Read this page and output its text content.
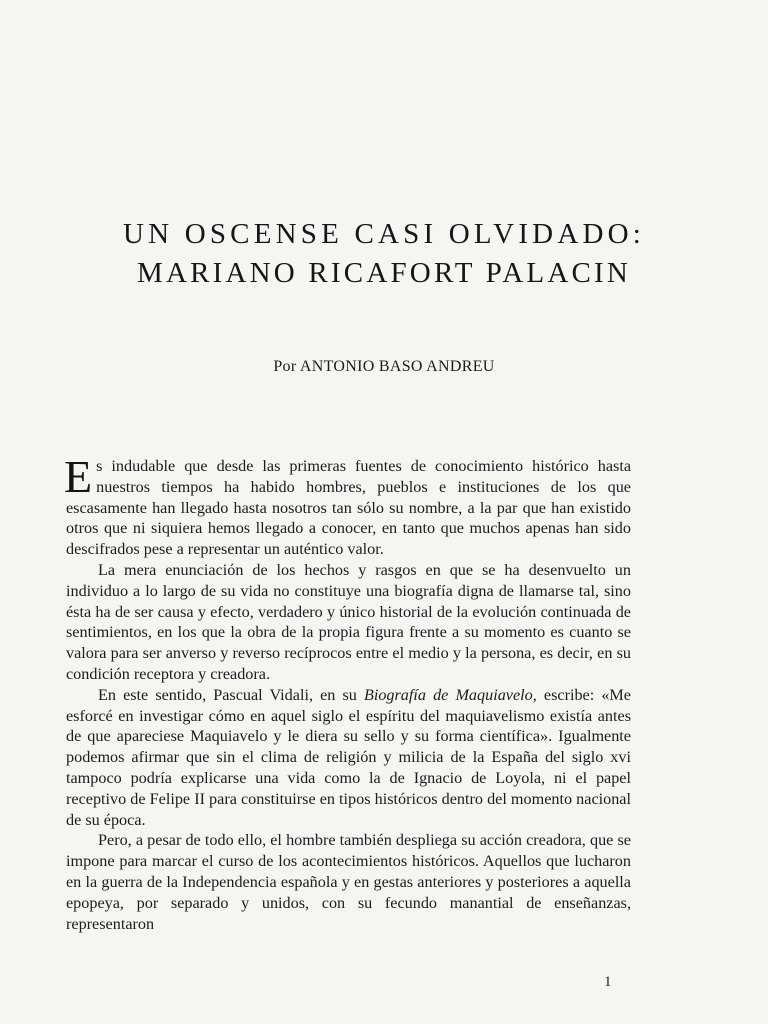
UN OSCENSE CASI OLVIDADO:
MARIANO RICAFORT PALACIN
Por ANTONIO BASO ANDREU

Es indudable que desde las primeras fuentes de conocimiento histórico hasta nuestros tiempos ha habido hombres, pueblos e instituciones de los que escasamente han llegado hasta nosotros tan sólo su nombre, a la par que han existido otros que ni siquiera hemos llegado a conocer, en tanto que muchos apenas han sido descifrados pese a representar un auténtico valor.

La mera enunciación de los hechos y rasgos en que se ha desenvuelto un individuo a lo largo de su vida no constituye una biografía digna de llamarse tal, sino ésta ha de ser causa y efecto, verdadero y único historial de la evolución continuada de sentimientos, en los que la obra de la propia figura frente a su momento es cuanto se valora para ser anverso y reverso recíprocos entre el medio y la persona, es decir, en su condición receptora y creadora.

En este sentido, Pascual Vidali, en su Biografía de Maquiavelo, escribe: «Me esforcé en investigar cómo en aquel siglo el espíritu del maquiavelismo existía antes de que apareciese Maquiavelo y le diera su sello y su forma científica». Igualmente podemos afirmar que sin el clima de religión y milicia de la España del siglo xvi tampoco podría explicarse una vida como la de Ignacio de Loyola, ni el papel receptivo de Felipe II para constituirse en tipos históricos dentro del momento nacional de su época.

Pero, a pesar de todo ello, el hombre también despliega su acción creadora, que se impone para marcar el curso de los acontecimientos históricos. Aquellos que lucharon en la guerra de la Independencia española y en gestas anteriores y posteriores a aquella epopeya, por separado y unidos, con su fecundo manantial de enseñanzas, representaron

1
